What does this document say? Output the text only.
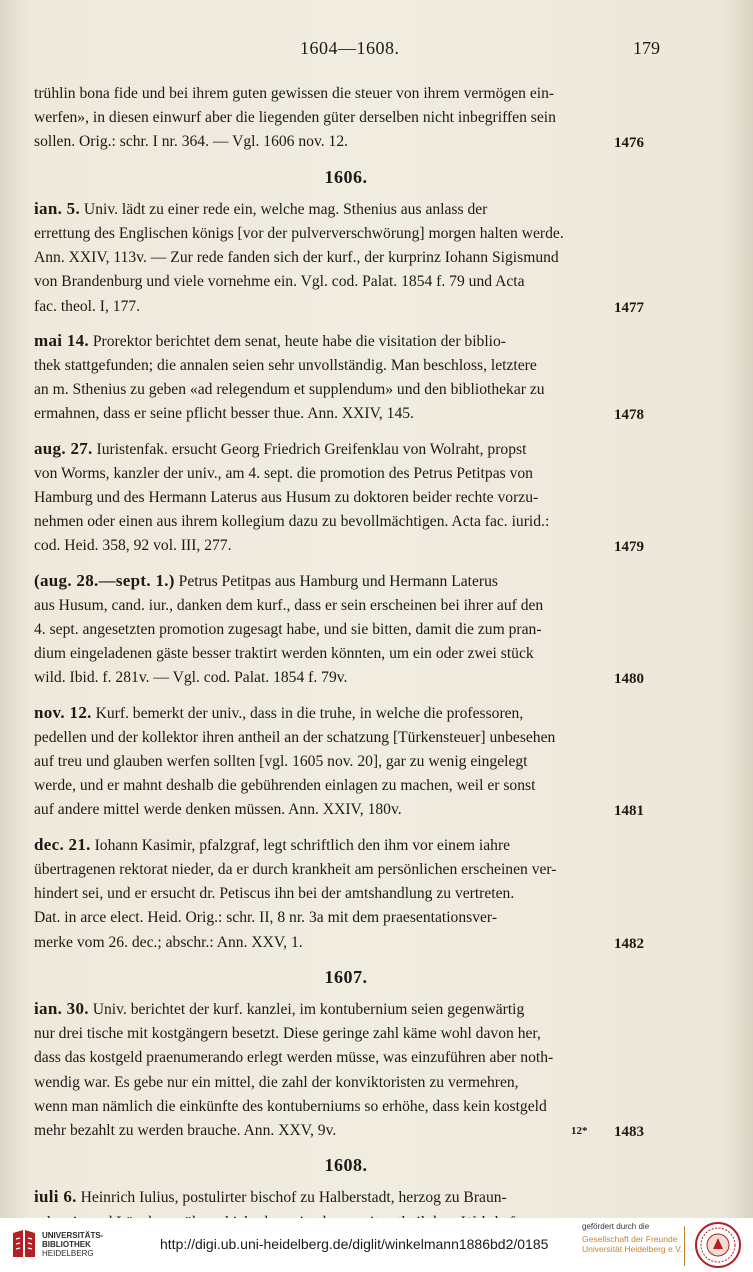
1604—1608.	179
trühlin bona fide und bei ihrem guten gewissen die steuer von ihrem vermögen ein-
werfen», in diesen einwurf aber die liegenden güter derselben nicht inbegriffen sein
sollen. Orig.: schr. I nr. 364. — Vgl. 1606 nov. 12.	1476
1606.
ian. 5. Univ. lädt zu einer rede ein, welche mag. Sthenius aus anlass der
errettung des Englischen königs [vor der pulververschwörung] morgen halten werde.
Ann. XXIV, 113v. — Zur rede fanden sich der kurf., der kurprinz Iohann Sigismund
von Brandenburg und viele vornehme ein. Vgl. cod. Palat. 1854 f. 79 und Acta
fac. theol. I, 177.	1477
mai 14. Prorektor berichtet dem senat, heute habe die visitation der biblio-
thek stattgefunden; die annalen seien sehr unvollständig. Man beschloss, letztere
an m. Sthenius zu geben «ad relegendum et supplendum» und den bibliothekar zu
ermahnen, dass er seine pflicht besser thue. Ann. XXIV, 145.	1478
aug. 27. Iuristenfak. ersucht Georg Friedrich Greifenklau von Wolraht, propst
von Worms, kanzler der univ., am 4. sept. die promotion des Petrus Petitpas von
Hamburg und des Hermann Laterus aus Husum zu doktoren beider rechte vorzu-
nehmen oder einen aus ihrem kollegium dazu zu bevollmächtigen. Acta fac. iurid.:
cod. Heid. 358, 92 vol. III, 277.	1479
(aug. 28.—sept. 1.) Petrus Petitpas aus Hamburg und Hermann Laterus
aus Husum, cand. iur., danken dem kurf., dass er sein erscheinen bei ihrer auf den
4. sept. angesetzten promotion zugesagt habe, und sie bitten, damit die zum pran-
dium eingeladenen gäste besser traktirt werden könnten, um ein oder zwei stück
wild. Ibid. f. 281v. — Vgl. cod. Palat. 1854 f. 79v.	1480
nov. 12. Kurf. bemerkt der univ., dass in die truhe, in welche die professoren,
pedellen und der kollektor ihren antheil an der schatzung [Türkensteuer] unbesehen
auf treu und glauben werfen sollten [vgl. 1605 nov. 20], gar zu wenig eingelegt
werde, und er mahnt deshalb die gebührenden einlagen zu machen, weil er sonst
auf andere mittel werde denken müssen. Ann. XXIV, 180v.	1481
dec. 21. Iohann Kasimir, pfalzgraf, legt schriftlich den ihm vor einem iahre
übertragenen rektorat nieder, da er durch krankheit am persönlichen erscheinen ver-
hindert sei, und er ersucht dr. Petiscus ihn bei der amtshandlung zu vertreten.
Dat. in arce elect. Heid. Orig.: schr. II, 8 nr. 3a mit dem praesentationsver-
merke vom 26. dec.; abschr.: Ann. XXV, 1.	1482
1607.
ian. 30. Univ. berichtet der kurf. kanzlei, im kontubernium seien gegenwärtig
nur drei tische mit kostgängern besetzt. Diese geringe zahl käme wohl davon her,
dass das kostgeld praenumerando erlegt werden müsse, was einzuführen aber noth-
wendig war. Es gebe nur ein mittel, die zahl der konviktoristen zu vermehren,
wenn man nämlich die einkünfte des kontuberniums so erhöhe, dass kein kostgeld
mehr bezahlt zu werden brauche. Ann. XXV, 9v.	1483
1608.
iuli 6. Heinrich Iulius, postulirter bischof zu Halberstadt, herzog zu Braun-
12*
UNIVERSITÄTS-
BIBLIOTHEK
HEIDELBERG
http://digi.ub.uni-heidelberg.de/diglit/winkelmann1886bd2/0185
gefördert durch die
Gesellschaft der Freunde
Universität Heidelberg e.V.
